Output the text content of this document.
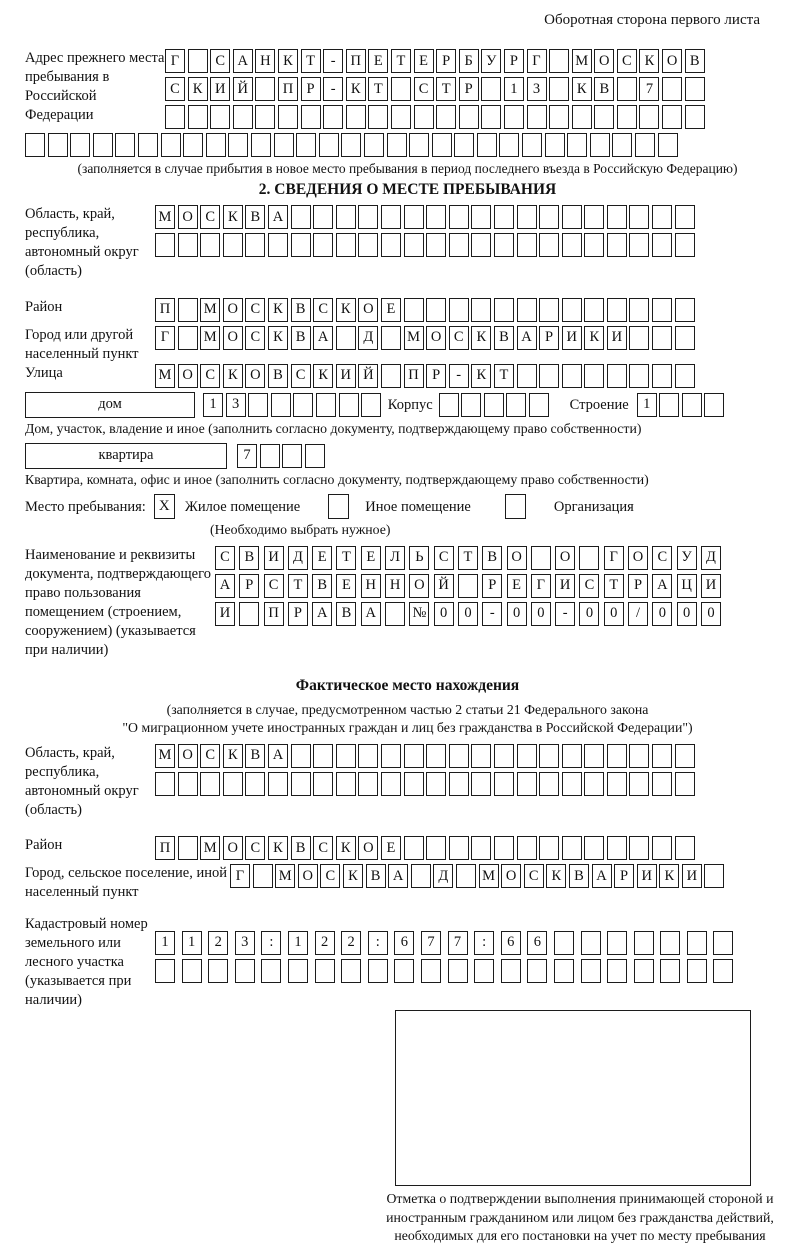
Оборотная сторона первого листа
Адрес прежнего места пребывания в Российской Федерации
Г	С А Н К Т	-	П Е Т Е Р Б У Р Г	М О С К О В
С К И Й	П Р	-	К Т	С Т Р	1	3	К В	7
(заполняется в случае прибытия в новое место пребывания в период последнего въезда в Российскую Федерацию)
2. СВЕДЕНИЯ О МЕСТЕ ПРЕБЫВАНИЯ
Область, край, республика, автономный округ (область)
М О С К В А
Район	П	М О С К В С К О Е
Город или другой населенный пункт
Г	М О С К В А	Д	М О С К В А Р И К И
Улица	М О С К О В С К И Й	П Р	-	К Т
дом	1	3	Корпус	Строение 1
Дом, участок, владение и иное (заполнить согласно документу, подтверждающему право собственности)
квартира	7
Квартира, комната, офис и иное (заполнить согласно документу, подтверждающему право собственности)
Место пребывания: X	Жилое помещение	Иное помещение	Организация
(Необходимо выбрать нужное)
Наименование и реквизиты документа, подтверждающего право пользования помещением (строением, сооружением) (указывается при наличии)
С	В И Д	Е	Т	Е	Л	Ь	С	Т	В О	О	Г	О С У Д
А	Р	С	Т	В	Е	Н Н О Й	Р	Е	Г	И С	Т	Р	А Ц И
И	П	Р	А В А	№ 0	0	-	0	0	-	0	0	/	0	0	0
Фактическое место нахождения
(заполняется в случае, предусмотренном частью 2 статьи 21 Федерального закона
"О миграционном учете иностранных граждан и лиц без гражданства в Российской Федерации")
Область, край, республика, автономный округ (область)
М О С К В А
Район	П	М О С К В С К О Е
Город, сельское поселение, иной населенный пункт
Г	М О С К В А	Д	М О С К В А Р И К И
Кадастровый номер земельного или лесного участка (указывается при наличии)
1	1	2	3	:	1	2	2	:	6	7	7	:	6	6
Отметка о подтверждении выполнения принимающей стороной и иностранным гражданином или лицом без гражданства действий, необходимых для его постановки на учет по месту пребывания
